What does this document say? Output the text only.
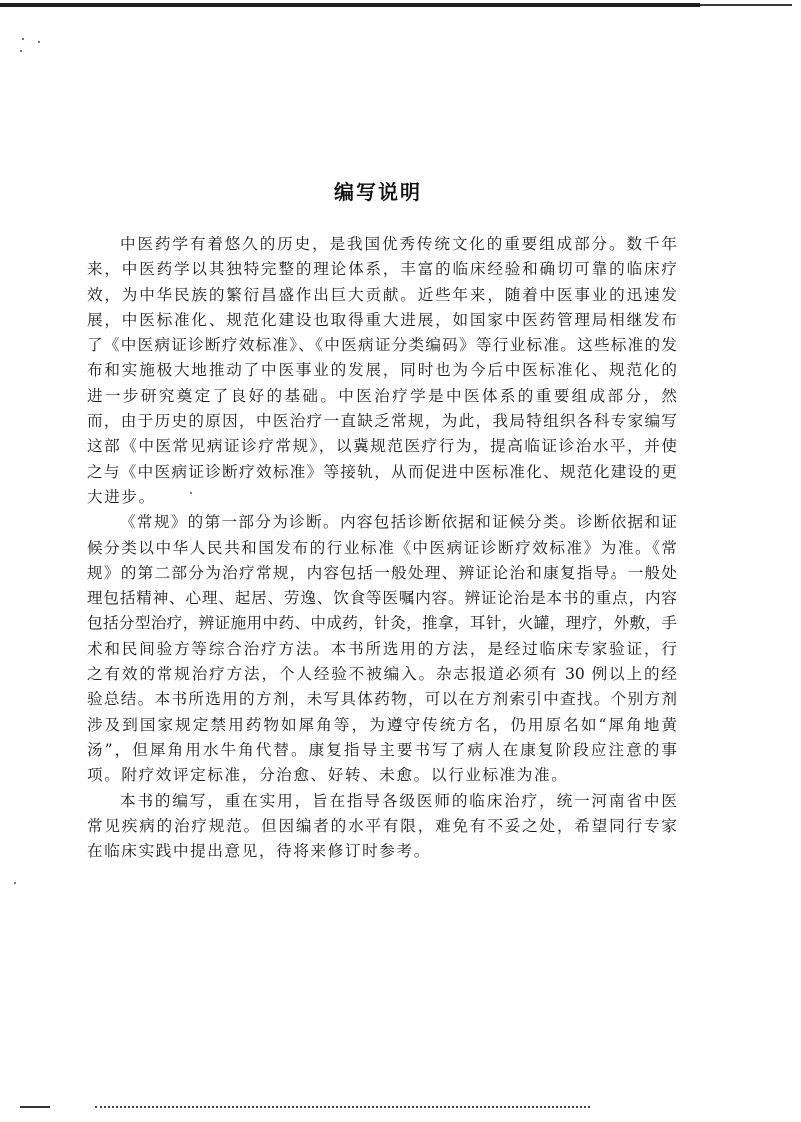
编写说明
中医药学有着悠久的历史，是我国优秀传统文化的重要组成部分。数千年
来，中医药学以其独特完整的理论体系，丰富的临床经验和确切可靠的临床疗
效，为中华民族的繁衍昌盛作出巨大贡献。近些年来，随着中医事业的迅速发
展，中医标准化、规范化建设也取得重大进展，如国家中医药管理局相继发布
了《中医病证诊断疗效标准》、《中医病证分类编码》等行业标准。这些标准的发
布和实施极大地推动了中医事业的发展，同时也为今后中医标准化、规范化的
进一步研究奠定了良好的基础。中医治疗学是中医体系的重要组成部分，然
而，由于历史的原因，中医治疗一直缺乏常规，为此，我局特组织各科专家编写
这部《中医常见病证诊疗常规》，以冀规范医疗行为，提高临证诊治水平，并使
之与《中医病证诊断疗效标准》等接轨，从而促进中医标准化、规范化建设的更
大进步。
《常规》的第一部分为诊断。内容包括诊断依据和证候分类。诊断依据和证
候分类以中华人民共和国发布的行业标准《中医病证诊断疗效标准》为准。《常
规》的第二部分为治疗常规，内容包括一般处理、辨证论治和康复指导。一般处
理包括精神、心理、起居、劳逸、饮食等医嘱内容。辨证论治是本书的重点，内容
包括分型治疗，辨证施用中药、中成药，针灸，推拿，耳针，火罐，理疗，外敷，手
术和民间验方等综合治疗方法。本书所选用的方法，是经过临床专家验证，行
之有效的常规治疗方法，个人经验不被编入。杂志报道必须有 30 例以上的经
验总结。本书所选用的方剂，未写具体药物，可以在方剂索引中查找。个别方剂
涉及到国家规定禁用药物如犀角等，为遵守传统方名，仍用原名如“犀角地黄
汤”，但犀角用水牛角代替。康复指导主要书写了病人在康复阶段应注意的事
项。附疗效评定标准，分治愈、好转、未愈。以行业标准为准。
本书的编写，重在实用，旨在指导各级医师的临床治疗，统一河南省中医
常见疾病的治疗规范。但因编者的水平有限，难免有不妥之处，希望同行专家
在临床实践中提出意见，待将来修订时参考。
